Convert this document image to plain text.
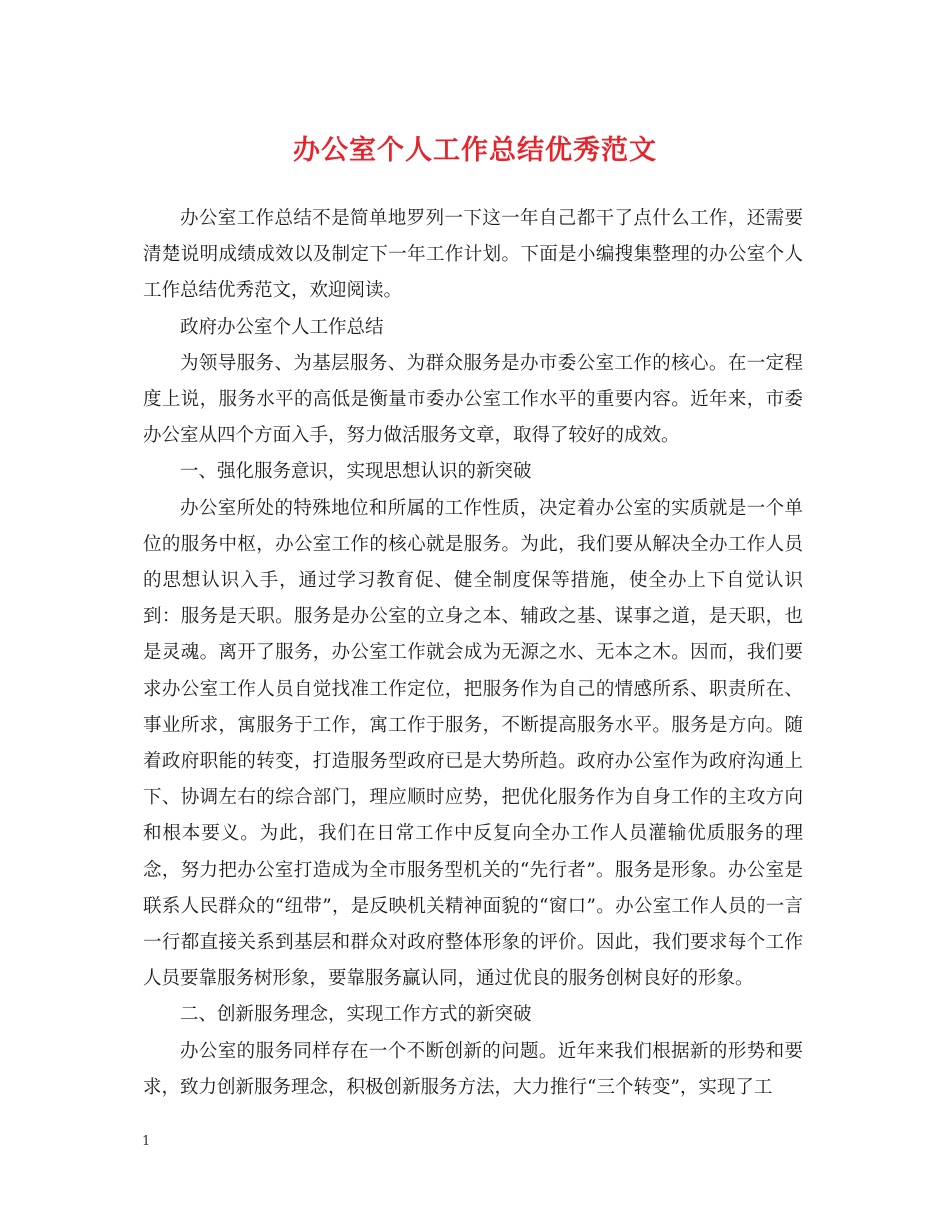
办公室个人工作总结优秀范文

办公室工作总结不是简单地罗列一下这一年自己都干了点什么工作，还需要清楚说明成绩成效以及制定下一年工作计划。下面是小编搜集整理的办公室个人工作总结优秀范文，欢迎阅读。

政府办公室个人工作总结

为领导服务、为基层服务、为群众服务是办市委公室工作的核心。在一定程度上说，服务水平的高低是衡量市委办公室工作水平的重要内容。近年来，市委办公室从四个方面入手，努力做活服务文章，取得了较好的成效。

一、强化服务意识，实现思想认识的新突破

办公室所处的特殊地位和所属的工作性质，决定着办公室的实质就是一个单位的服务中枢，办公室工作的核心就是服务。为此，我们要从解决全办工作人员的思想认识入手，通过学习教育促、健全制度保等措施，使全办上下自觉认识到：服务是天职。服务是办公室的立身之本、辅政之基、谋事之道，是天职，也是灵魂。离开了服务，办公室工作就会成为无源之水、无本之木。因而，我们要求办公室工作人员自觉找准工作定位，把服务作为自己的情感所系、职责所在、事业所求，寓服务于工作，寓工作于服务，不断提高服务水平。服务是方向。随着政府职能的转变，打造服务型政府已是大势所趋。政府办公室作为政府沟通上下、协调左右的综合部门，理应顺时应势，把优化服务作为自身工作的主攻方向和根本要义。为此，我们在日常工作中反复向全办工作人员灌输优质服务的理念，努力把办公室打造成为全市服务型机关的“先行者”。服务是形象。办公室是联系人民群众的“纽带”，是反映机关精神面貌的“窗口”。办公室工作人员的一言一行都直接关系到基层和群众对政府整体形象的评价。因此，我们要求每个工作人员要靠服务树形象，要靠服务赢认同，通过优良的服务创树良好的形象。

二、创新服务理念，实现工作方式的新突破

办公室的服务同样存在一个不断创新的问题。近年来我们根据新的形势和要求，致力创新服务理念，积极创新服务方法，大力推行“三个转变”，实现了工

1
